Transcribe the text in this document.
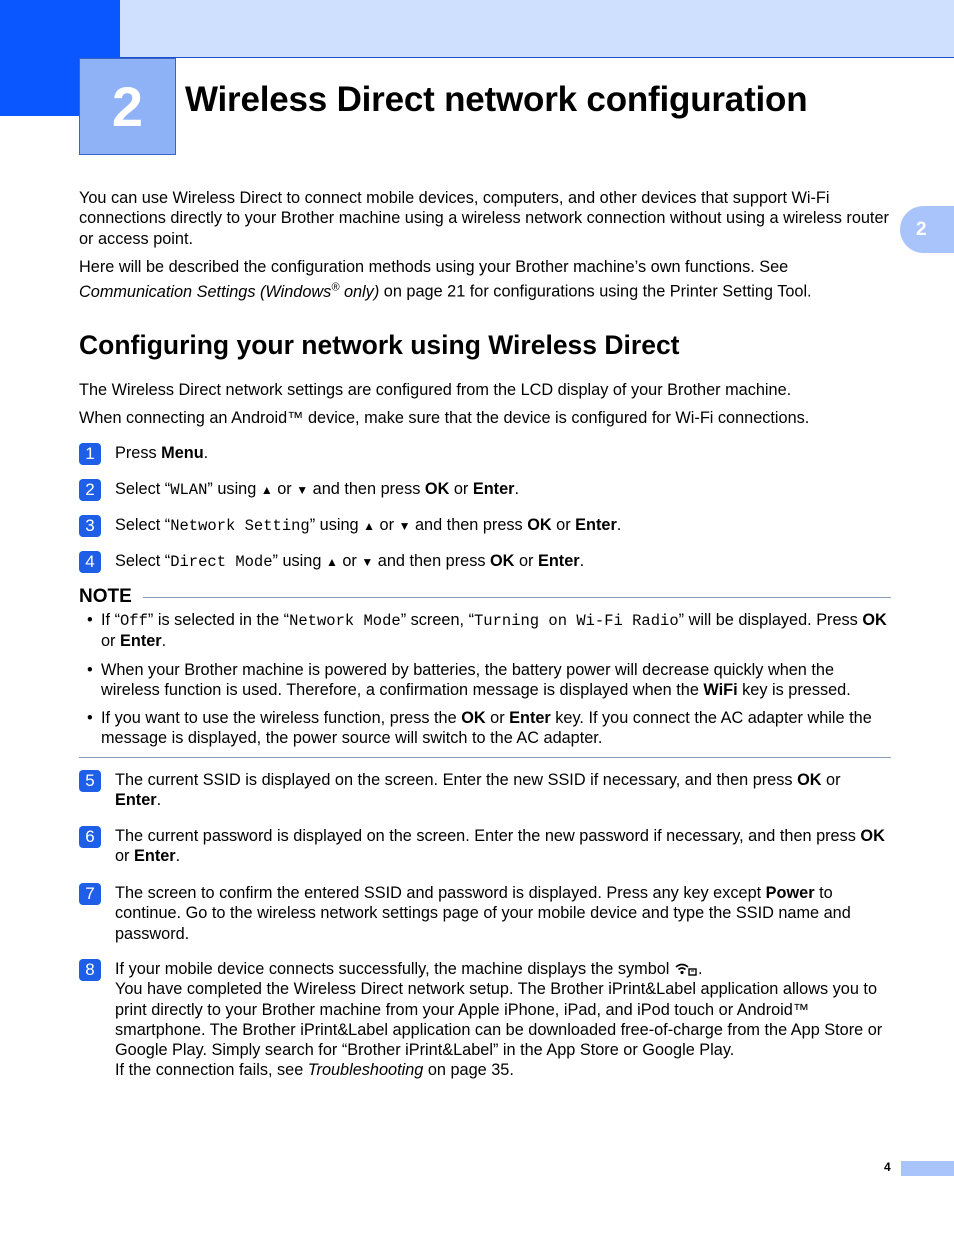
2	Wireless Direct network configuration
2

You can use Wireless Direct to connect mobile devices, computers, and other devices that support Wi-Fi connections directly to your Brother machine using a wireless network connection without using a wireless router or access point.

Here will be described the configuration methods using your Brother machine’s own functions. See
Communication Settings (Windows® only) on page 21 for configurations using the Printer Setting Tool.

Configuring your network using Wireless Direct

The Wireless Direct network settings are configured from the LCD display of your Brother machine.

When connecting an Android™ device, make sure that the device is configured for Wi-Fi connections.

1	Press Menu.
2	Select “WLAN” using ▲ or ▼ and then press OK or Enter.
3	Select “Network Setting” using ▲ or ▼ and then press OK or Enter.
4	Select “Direct Mode” using ▲ or ▼ and then press OK or Enter.
NOTE
• If “Off” is selected in the “Network Mode” screen, “Turning on Wi-Fi Radio” will be displayed. Press OK or Enter.
• When your Brother machine is powered by batteries, the battery power will decrease quickly when the wireless function is used. Therefore, a confirmation message is displayed when the WiFi key is pressed.
• If you want to use the wireless function, press the OK or Enter key. If you connect the AC adapter while the message is displayed, the power source will switch to the AC adapter.
5	The current SSID is displayed on the screen. Enter the new SSID if necessary, and then press OK or Enter.
6	The current password is displayed on the screen. Enter the new password if necessary, and then press OK or Enter.
7	The screen to confirm the entered SSID and password is displayed. Press any key except Power to continue. Go to the wireless network settings page of your mobile device and type the SSID name and password.
8	If your mobile device connects successfully, the machine displays the symbol .
You have completed the Wireless Direct network setup. The Brother iPrint&Label application allows you to print directly to your Brother machine from your Apple iPhone, iPad, and iPod touch or Android™ smartphone. The Brother iPrint&Label application can be downloaded free-of-charge from the App Store or Google Play. Simply search for “Brother iPrint&Label” in the App Store or Google Play.
If the connection fails, see Troubleshooting on page 35.
4
